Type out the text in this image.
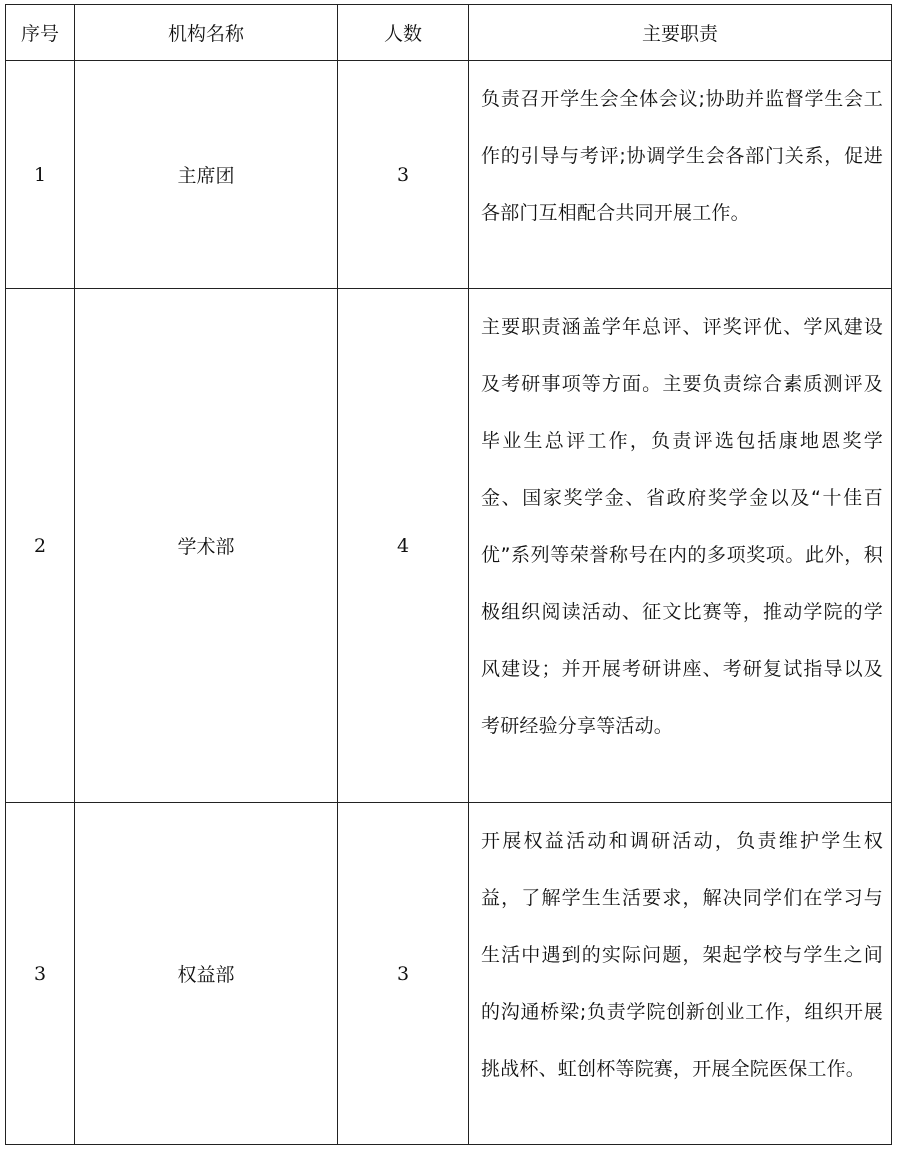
序号	机构名称	人数	主要职责
1	主席团	3	负责召开学生会全体会议;协助并监督学生会工作的引导与考评;协调学生会各部门关系，促进各部门互相配合共同开展工作。

2	学术部	4	主要职责涵盖学年总评、评奖评优、学风建设及考研事项等方面。主要负责综合素质测评及毕业生总评工作，负责评选包括康地恩奖学金、国家奖学金、省政府奖学金以及“十佳百优”系列等荣誉称号在内的多项奖项。此外，积极组织阅读活动、征文比赛等，推动学院的学风建设；并开展考研讲座、考研复试指导以及考研经验分享等活动。

3	权益部	3	开展权益活动和调研活动，负责维护学生权益，了解学生生活要求，解决同学们在学习与生活中遇到的实际问题，架起学校与学生之间的沟通桥梁;负责学院创新创业工作，组织开展挑战杯、虹创杯等院赛，开展全院医保工作。
